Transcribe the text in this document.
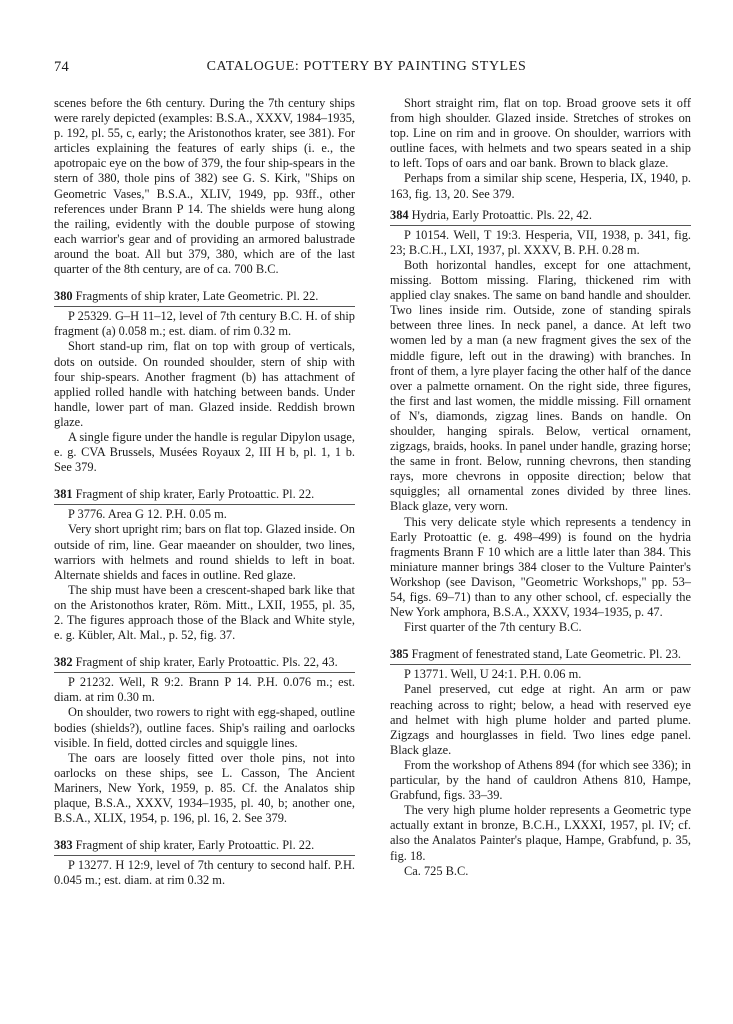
74	CATALOGUE: POTTERY BY PAINTING STYLES

scenes before the 6th century. During the 7th century ships were rarely depicted (examples: B.S.A., XXXV, 1984–1935, p. 192, pl. 55, c, early; the Aristonothos krater, see 381). For articles explaining the features of early ships (i. e., the apotropaic eye on the bow of 379, the four ship-spears in the stern of 380, thole pins of 382) see G. S. Kirk, "Ships on Geometric Vases," B.S.A., XLIV, 1949, pp. 93ff., other references under Brann P 14. The shields were hung along the railing, evidently with the double purpose of stowing each warrior's gear and of providing an armored balustrade around the boat. All but 379, 380, which are of the last quarter of the 8th century, are of ca. 700 B.C.

380 Fragments of ship krater, Late Geometric. Pl. 22.

P 25329. G–H 11–12, level of 7th century B.C. H. of ship fragment (a) 0.058 m.; est. diam. of rim 0.32 m.

Short stand-up rim, flat on top with group of verticals, dots on outside. On rounded shoulder, stern of ship with four ship-spears. Another fragment (b) has attachment of applied rolled handle with hatching between bands. Under handle, lower part of man. Glazed inside. Reddish brown glaze.

A single figure under the handle is regular Dipylon usage, e. g. CVA Brussels, Musées Royaux 2, III H b, pl. 1, 1 b. See 379.

381 Fragment of ship krater, Early Protoattic. Pl. 22.

P 3776. Area G 12. P.H. 0.05 m.

Very short upright rim; bars on flat top. Glazed inside. On outside of rim, line. Gear maeander on shoulder, two lines, warriors with helmets and round shields to left in boat. Alternate shields and faces in outline. Red glaze.

The ship must have been a crescent-shaped bark like that on the Aristonothos krater, Röm. Mitt., LXII, 1955, pl. 35, 2. The figures approach those of the Black and White style, e. g. Kübler, Alt. Mal., p. 52, fig. 37.

382 Fragment of ship krater, Early Protoattic. Pls. 22, 43.

P 21232. Well, R 9:2. Brann P 14. P.H. 0.076 m.; est. diam. at rim 0.30 m.

On shoulder, two rowers to right with egg-shaped, outline bodies (shields?), outline faces. Ship's railing and oarlocks visible. In field, dotted circles and squiggle lines.

The oars are loosely fitted over thole pins, not into oarlocks on these ships, see L. Casson, The Ancient Mariners, New York, 1959, p. 85. Cf. the Analatos ship plaque, B.S.A., XXXV, 1934–1935, pl. 40, b; another one, B.S.A., XLIX, 1954, p. 196, pl. 16, 2. See 379.

383 Fragment of ship krater, Early Protoattic. Pl. 22.

P 13277. H 12:9, level of 7th century to second half. P.H. 0.045 m.; est. diam. at rim 0.32 m.

Short straight rim, flat on top. Broad groove sets it off from high shoulder. Glazed inside. Stretches of strokes on top. Line on rim and in groove. On shoulder, warriors with outline faces, with helmets and two spears seated in a ship to left. Tops of oars and oar bank. Brown to black glaze.

Perhaps from a similar ship scene, Hesperia, IX, 1940, p. 163, fig. 13, 20. See 379.

384 Hydria, Early Protoattic. Pls. 22, 42.

P 10154. Well, T 19:3. Hesperia, VII, 1938, p. 341, fig. 23; B.C.H., LXI, 1937, pl. XXXV, B. P.H. 0.28 m.

Both horizontal handles, except for one attachment, missing. Bottom missing. Flaring, thickened rim with applied clay snakes. The same on band handle and shoulder. Two lines inside rim. Outside, zone of standing spirals between three lines. In neck panel, a dance. At left two women led by a man (a new fragment gives the sex of the middle figure, left out in the drawing) with branches. In front of them, a lyre player facing the other half of the dance over a palmette ornament. On the right side, three figures, the first and last women, the middle missing. Fill ornament of N's, diamonds, zigzag lines. Bands on handle. On shoulder, hanging spirals. Below, vertical ornament, zigzags, braids, hooks. In panel under handle, grazing horse; the same in front. Below, running chevrons, then standing rays, more chevrons in opposite direction; below that squiggles; all ornamental zones divided by three lines. Black glaze, very worn.

This very delicate style which represents a tendency in Early Protoattic (e. g. 498–499) is found on the hydria fragments Brann F 10 which are a little later than 384. This miniature manner brings 384 closer to the Vulture Painter's Workshop (see Davison, "Geometric Workshops," pp. 53–54, figs. 69–71) than to any other school, cf. especially the New York amphora, B.S.A., XXXV, 1934–1935, p. 47.

First quarter of the 7th century B.C.

385 Fragment of fenestrated stand, Late Geometric. Pl. 23.

P 13771. Well, U 24:1. P.H. 0.06 m.

Panel preserved, cut edge at right. An arm or paw reaching across to right; below, a head with reserved eye and helmet with high plume holder and parted plume. Zigzags and hourglasses in field. Two lines edge panel. Black glaze.

From the workshop of Athens 894 (for which see 336); in particular, by the hand of cauldron Athens 810, Hampe, Grabfund, figs. 33–39.

The very high plume holder represents a Geometric type actually extant in bronze, B.C.H., LXXXI, 1957, pl. IV; cf. also the Analatos Painter's plaque, Hampe, Grabfund, p. 35, fig. 18.

Ca. 725 B.C.
